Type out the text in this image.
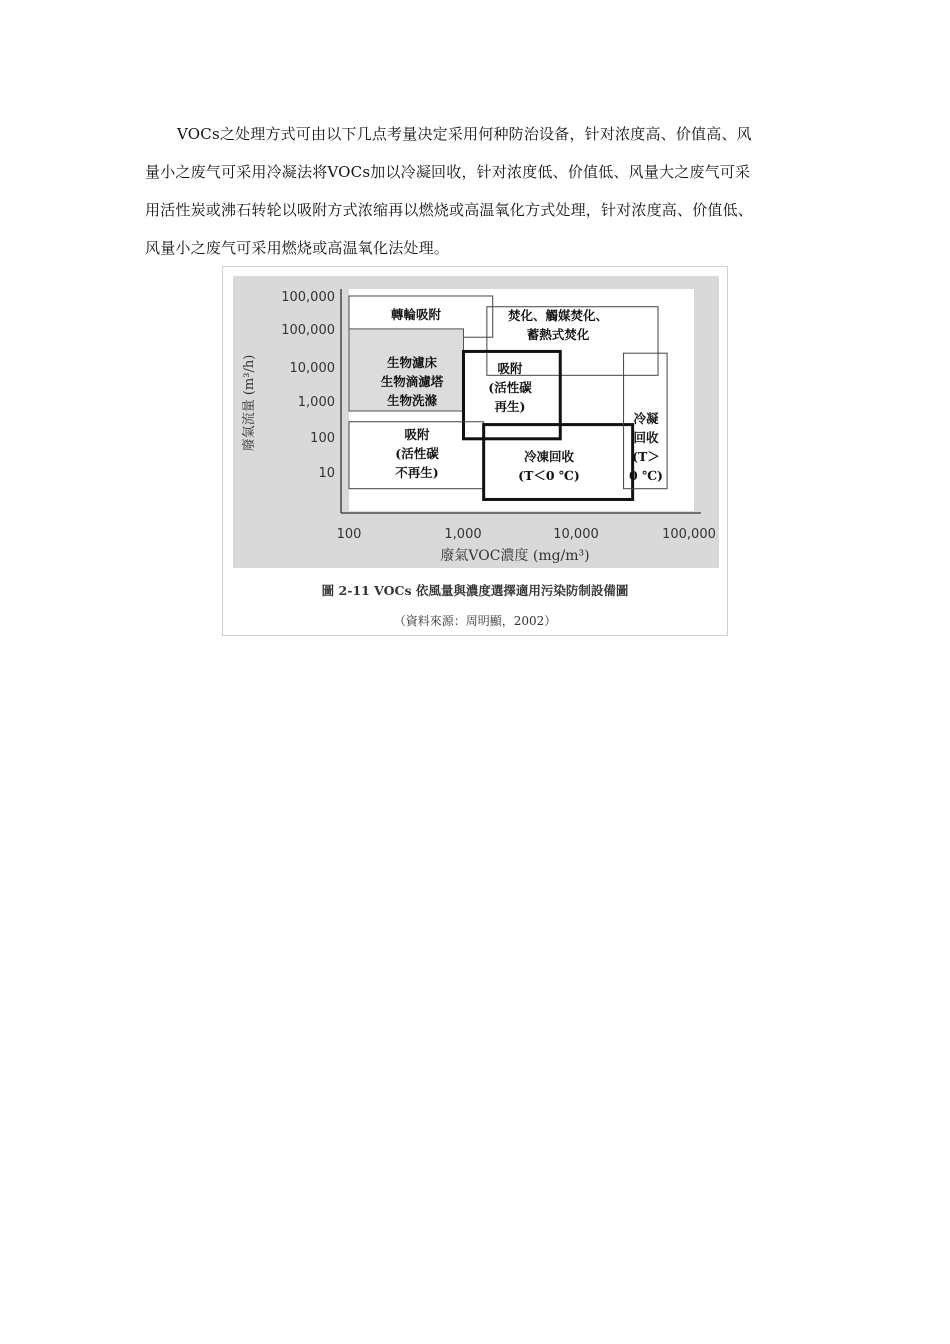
VOCs之处理方式可由以下几点考量决定采用何种防治设备，针对浓度高、价值高、风
量小之废气可采用冷凝法将VOCs加以冷凝回收，针对浓度低、价值低、风量大之废气可采
用活性炭或沸石转轮以吸附方式浓缩再以燃烧或高温氧化方式处理，针对浓度高、价值低、
风量小之废气可采用燃烧或高温氧化法处理。
100,000
100,000
10,000
1,000
100
10
100	1,000	10,000	100,000
廢氣VOC濃度 (mg/m³)
廢氣流量 (m³/h)
轉輪吸附
生物濾床
生物滴濾塔
生物洗滌
焚化、觸媒焚化、
蓄熱式焚化
吸附
(活性碳
再生)
吸附
(活性碳
不再生)
冷凍回收
(T＜0 ℃)
冷凝
回收
(T＞
0 ℃)
圖 2-11 VOCs 依風量與濃度選擇適用污染防制設備圖
（資料來源：周明顯，2002）
